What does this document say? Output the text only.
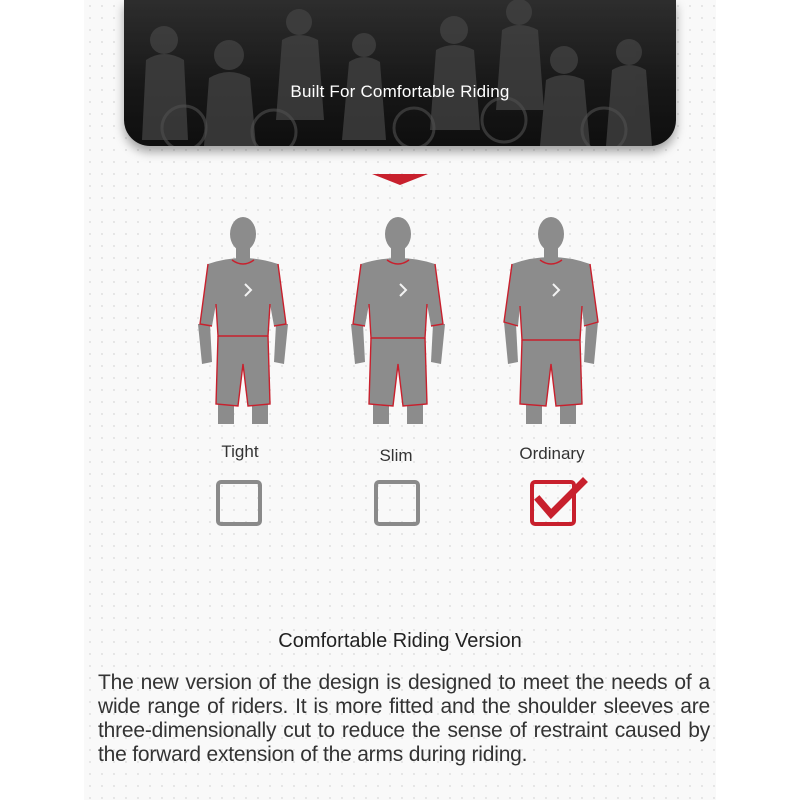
Built For Comfortable Riding
Tight	Slim	Ordinary
Comfortable Riding Version
The new version of the design is designed to meet the needs of a wide range of riders. It is more fitted and the shoulder sleeves are three-dimensionally cut to reduce the sense of restraint caused by the forward extension of the arms during riding.
